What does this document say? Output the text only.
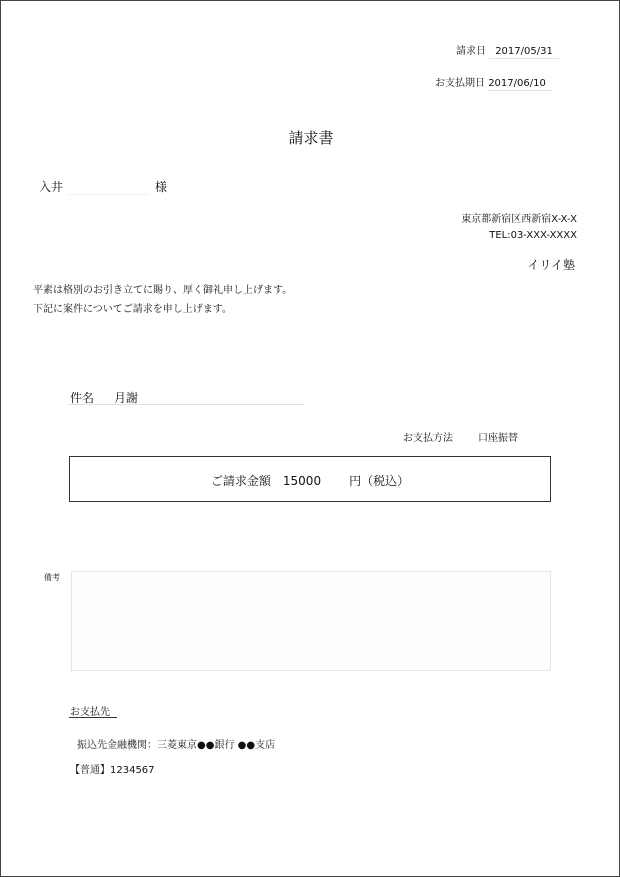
請求日 2017/05/31
お支払期日 2017/06/10
請求書
入井	様
東京都新宿区西新宿X-X-X
TEL:03-XXX-XXXX
イリイ塾
平素は格別のお引き立てに賜り、厚く御礼申し上げます。
下記に案件についてご請求を申し上げます。
件名 月謝
お支払方法	口座振替
ご請求金額 15000 円（税込）
備考
お支払先
振込先金融機関：三菱東京●●銀行 ●●支店
【普通】1234567
